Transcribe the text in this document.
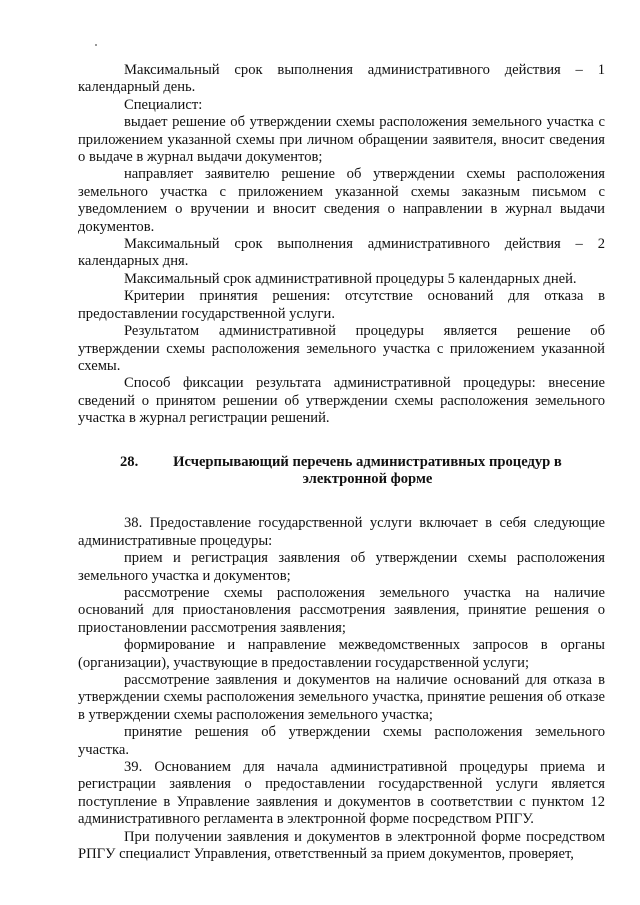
Максимальный срок выполнения административного действия – 1 календарный день.

Специалист:

выдает решение об утверждении схемы расположения земельного участка с приложением указанной схемы при личном обращении заявителя, вносит сведения о выдаче в журнал выдачи документов;

направляет заявителю решение об утверждении схемы расположения земельного участка с приложением указанной схемы заказным письмом с уведомлением о вручении и вносит сведения о направлении в журнал выдачи документов.

Максимальный срок выполнения административного действия – 2 календарных дня.

Максимальный срок административной процедуры 5 календарных дней.

Критерии принятия решения: отсутствие оснований для отказа в предоставлении государственной услуги.

Результатом административной процедуры является решение об утверждении схемы расположения земельного участка с приложением указанной схемы.

Способ фиксации результата административной процедуры: внесение сведений о принятом решении об утверждении схемы расположения земельного участка в журнал регистрации решений.

28.	Исчерпывающий перечень административных процедур в электронной форме

38. Предоставление государственной услуги включает в себя следующие административные процедуры:

прием и регистрация заявления об утверждении схемы расположения земельного участка и документов;

рассмотрение схемы расположения земельного участка на наличие оснований для приостановления рассмотрения заявления, принятие решения о приостановлении рассмотрения заявления;

формирование и направление межведомственных запросов в органы (организации), участвующие в предоставлении государственной услуги;

рассмотрение заявления и документов на наличие оснований для отказа в утверждении схемы расположения земельного участка, принятие решения об отказе в утверждении схемы расположения земельного участка;

принятие решения об утверждении схемы расположения земельного участка.

39. Основанием для начала административной процедуры приема и регистрации заявления о предоставлении государственной услуги является поступление в Управление заявления и документов в соответствии с пунктом 12 административного регламента в электронной форме посредством РПГУ.

При получении заявления и документов в электронной форме посредством РПГУ специалист Управления, ответственный за прием документов, проверяет,
